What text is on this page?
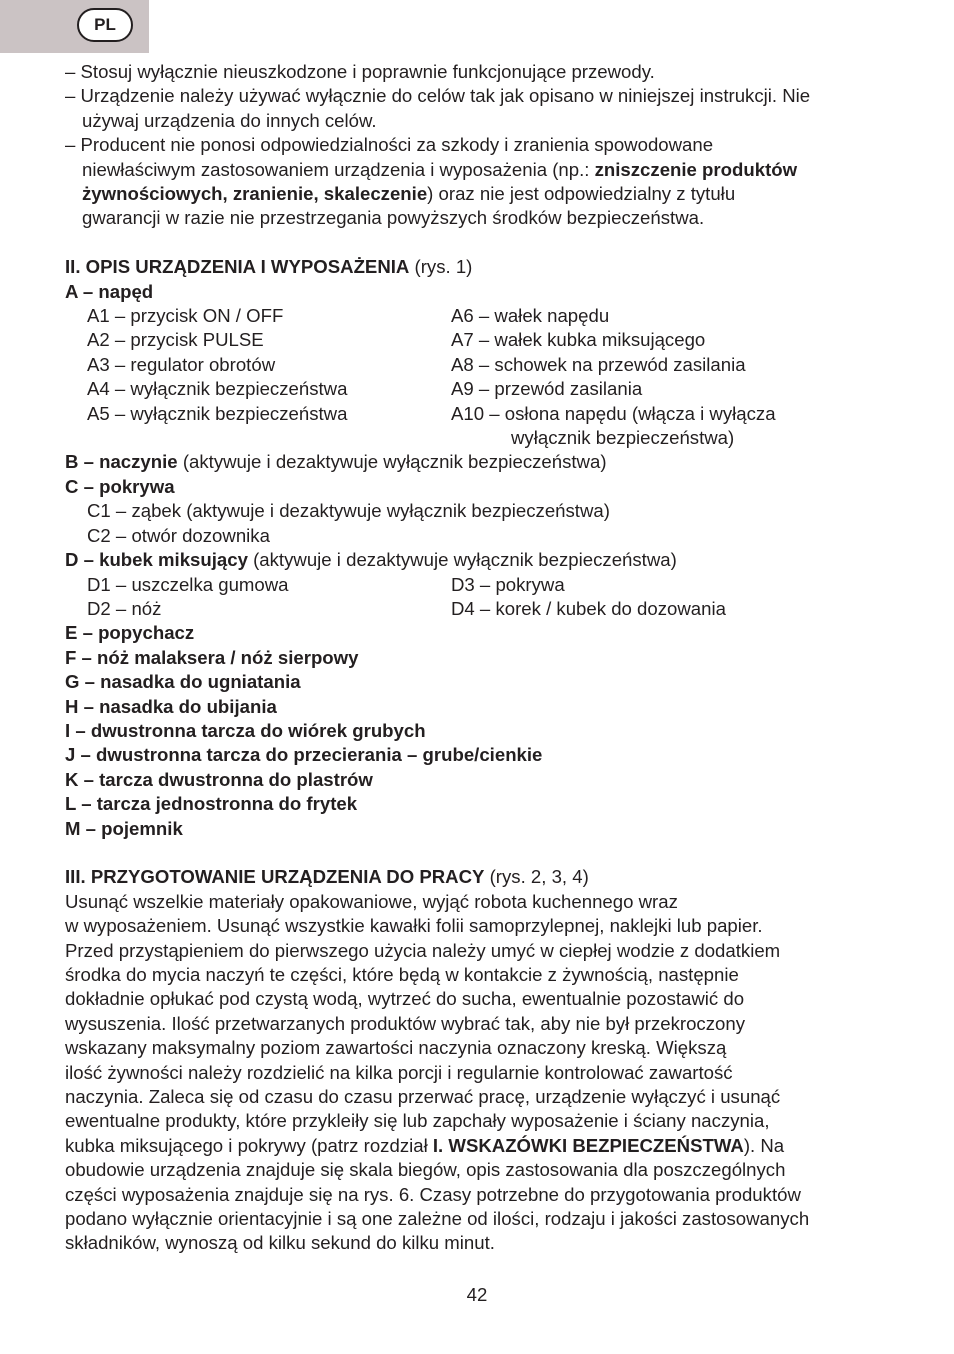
PL
– Stosuj wyłącznie nieuszkodzone i poprawnie funkcjonujące przewody.
– Urządzenie należy używać wyłącznie do celów tak jak opisano w niniejszej instrukcji. Nie
używaj urządzenia do innych celów.
– Producent nie ponosi odpowiedzialności za szkody i zranienia spowodowane
niewłaściwym zastosowaniem urządzenia i wyposażenia (np.: zniszczenie produktów
żywnościowych, zranienie, skaleczenie) oraz nie jest odpowiedzialny z tytułu
gwarancji w razie nie przestrzegania powyższych środków bezpieczeństwa.
II. OPIS URZĄDZENIA I WYPOSAŻENIA (rys. 1)
A – napęd
A1 – przycisk ON / OFF	A6 – wałek napędu
A2 – przycisk PULSE	A7 – wałek kubka miksującego
A3 – regulator obrotów	A8 – schowek na przewód zasilania
A4 – wyłącznik bezpieczeństwa	A9 – przewód zasilania
A5 – wyłącznik bezpieczeństwa	A10 – osłona napędu (włącza i wyłącza
wyłącznik bezpieczeństwa)
B – naczynie (aktywuje i dezaktywuje wyłącznik bezpieczeństwa)
C – pokrywa
C1 – ząbek (aktywuje i dezaktywuje wyłącznik bezpieczeństwa)
C2 – otwór dozownika
D – kubek miksujący (aktywuje i dezaktywuje wyłącznik bezpieczeństwa)
D1 – uszczelka gumowa	D3 – pokrywa
D2 – nóż	D4 – korek / kubek do dozowania
E – popychacz
F – nóż malaksera / nóż sierpowy
G – nasadka do ugniatania
H – nasadka do ubijania
I – dwustronna tarcza do wiórek grubych
J – dwustronna tarcza do przecierania – grube/cienkie
K – tarcza dwustronna do plastrów
L – tarcza jednostronna do frytek
M – pojemnik
III. PRZYGOTOWANIE URZĄDZENIA DO PRACY (rys. 2, 3, 4)
Usunąć wszelkie materiały opakowaniowe, wyjąć robota kuchennego wraz
w wyposażeniem. Usunąć wszystkie kawałki folii samoprzylepnej, naklejki lub papier.
Przed przystąpieniem do pierwszego użycia należy umyć w ciepłej wodzie z dodatkiem
środka do mycia naczyń te części, które będą w kontakcie z żywnością, następnie
dokładnie opłukać pod czystą wodą, wytrzeć do sucha, ewentualnie pozostawić do
wysuszenia. Ilość przetwarzanych produktów wybrać tak, aby nie był przekroczony
wskazany maksymalny poziom zawartości naczynia oznaczony kreską. Większą
ilość żywności należy rozdzielić na kilka porcji i regularnie kontrolować zawartość
naczynia. Zaleca się od czasu do czasu przerwać pracę, urządzenie wyłączyć i usunąć
ewentualne produkty, które przykleiły się lub zapchały wyposażenie i ściany naczynia,
kubka miksującego i pokrywy (patrz rozdział I. WSKAZÓWKI BEZPIECZEŃSTWA). Na
obudowie urządzenia znajduje się skala biegów, opis zastosowania dla poszczególnych
części wyposażenia znajduje się na rys. 6. Czasy potrzebne do przygotowania produktów
podano wyłącznie orientacyjnie i są one zależne od ilości, rodzaju i jakości zastosowanych
składników, wynoszą od kilku sekund do kilku minut.
42
